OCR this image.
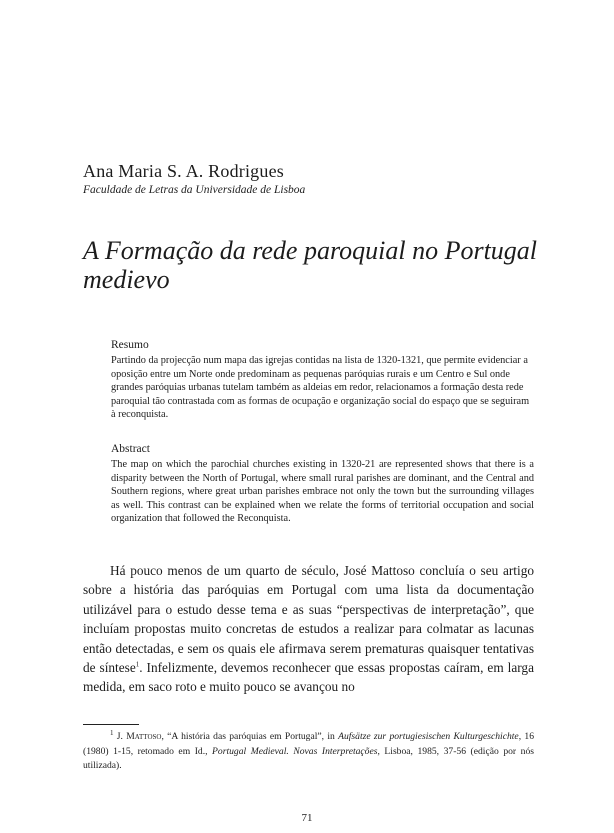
Ana Maria S. A. Rodrigues
Faculdade de Letras da Universidade de Lisboa
A Formação da rede paroquial no Portugal medievo
Resumo
Partindo da projecção num mapa das igrejas contidas na lista de 1320-1321, que permite evidenciar a oposição entre um Norte onde predominam as pequenas paróquias rurais e um Centro e Sul onde grandes paróquias urbanas tutelam também as aldeias em redor, relacionamos a formação desta rede paroquial tão contrastada com as formas de ocupação e organização social do espaço que se seguiram à reconquista.
Abstract
The map on which the parochial churches existing in 1320-21 are represented shows that there is a disparity between the North of Portugal, where small rural parishes are dominant, and the Central and Southern regions, where great urban parishes embrace not only the town but the surrounding villages as well. This contrast can be explained when we relate the forms of territorial occupation and social organization that followed the Reconquista.
Há pouco menos de um quarto de século, José Mattoso concluía o seu artigo sobre a história das paróquias em Portugal com uma lista da documentação utilizável para o estudo desse tema e as suas “perspectivas de interpretação”, que incluíam propostas muito concretas de estudos a realizar para colmatar as lacunas então detectadas, e sem os quais ele afirmava serem prematuras quaisquer tentativas de síntese$^1$. Infelizmente, devemos reconhecer que essas propostas caíram, em larga medida, em saco roto e muito pouco se avançou no
$^1$ J. Mattoso, “A história das paróquias em Portugal”, in Aufsätze zur portugiesischen Kulturgeschichte, 16 (1980) 1-15, retomado em Id., Portugal Medieval. Novas Interpretações, Lisboa, 1985, 37-56 (edição por nós utilizada).
71
